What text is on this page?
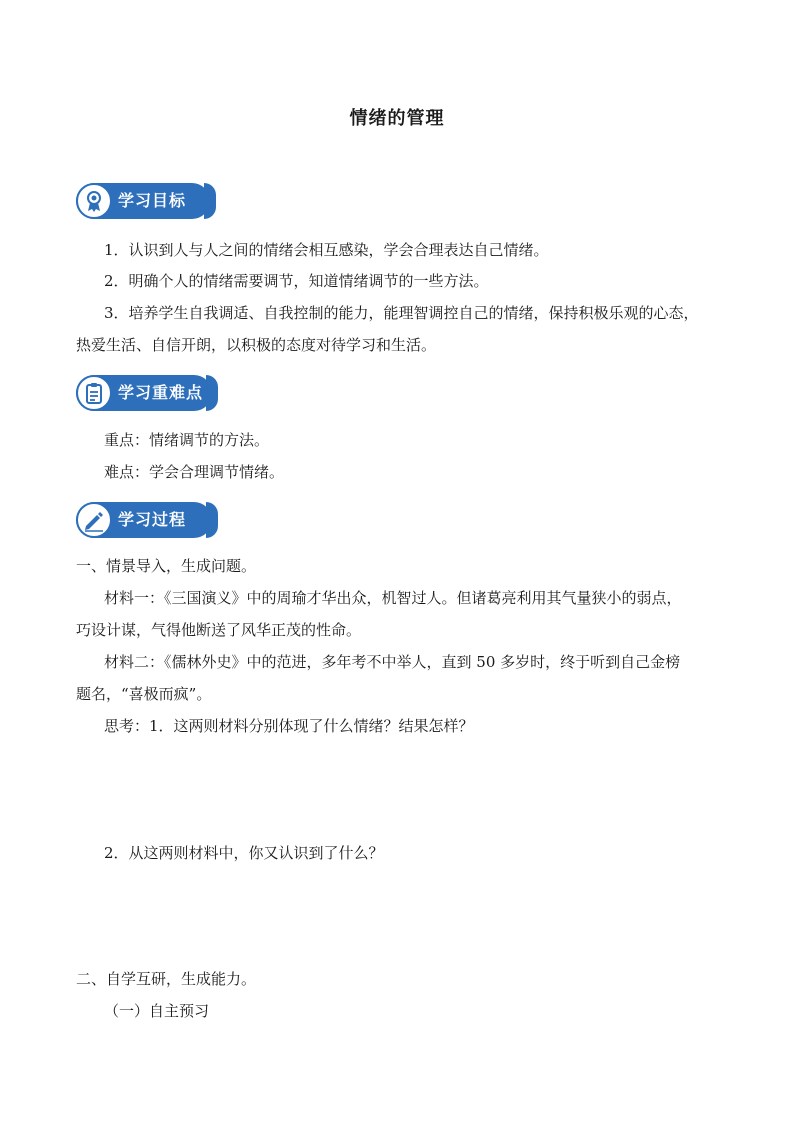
情绪的管理
学习目标
1．认识到人与人之间的情绪会相互感染，学会合理表达自己情绪。
2．明确个人的情绪需要调节，知道情绪调节的一些方法。
3．培养学生自我调适、自我控制的能力，能理智调控自己的情绪，保持积极乐观的心态，
热爱生活、自信开朗，以积极的态度对待学习和生活。
学习重难点
重点：情绪调节的方法。
难点：学会合理调节情绪。
学习过程
一、情景导入，生成问题。
材料一：《三国演义》中的周瑜才华出众，机智过人。但诸葛亮利用其气量狭小的弱点，
巧设计谋，气得他断送了风华正茂的性命。
材料二：《儒林外史》中的范进，多年考不中举人，直到 50 多岁时，终于听到自己金榜
题名，“喜极而疯”。
思考：1．这两则材料分别体现了什么情绪？结果怎样？
2．从这两则材料中，你又认识到了什么？
二、自学互研，生成能力。
（一）自主预习
